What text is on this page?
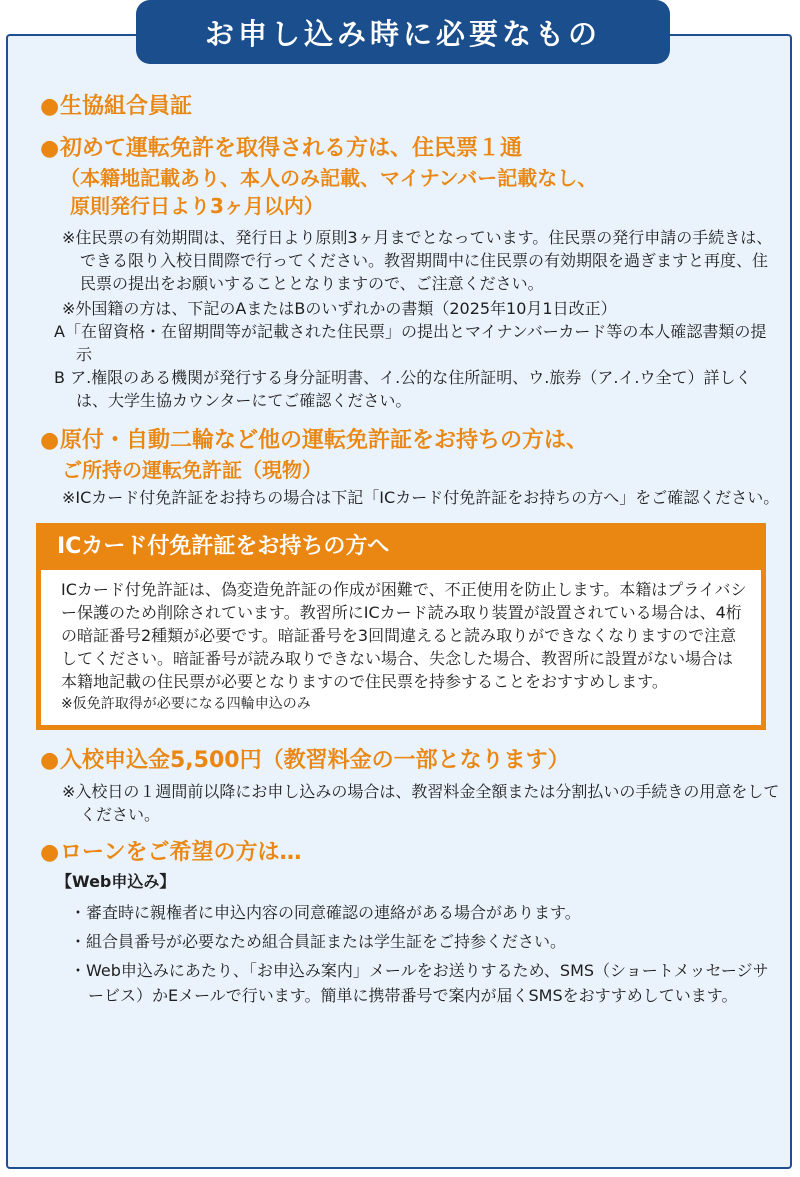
お申し込み時に必要なもの

●生協組合員証

●初めて運転免許を取得される方は、住民票１通

（本籍地記載あり、本人のみ記載、マイナンバー記載なし、

原則発行日より3ヶ月以内）

※住民票の有効期間は、発行日より原則3ヶ月までとなっています。住民票の発行申請の手続きは、できる限り入校日間際で行ってください。教習期間中に住民票の有効期限を過ぎますと再度、住民票の提出をお願いすることとなりますので、ご注意ください。

※外国籍の方は、下記のAまたはBのいずれかの書類（2025年10月1日改正）

A「在留資格・在留期間等が記載された住民票」の提出とマイナンバーカード等の本人確認書類の提示

B ア.権限のある機関が発行する身分証明書、イ.公的な住所証明、ウ.旅券（ア.イ.ウ全て）詳しくは、大学生協カウンターにてご確認ください。

●原付・自動二輪など他の運転免許証をお持ちの方は、

ご所持の運転免許証（現物）

※ICカード付免許証をお持ちの場合は下記「ICカード付免許証をお持ちの方へ」をご確認ください。

ICカード付免許証をお持ちの方へ
ICカード付免許証は、偽変造免許証の作成が困難で、不正使用を防止します。本籍はプライバシー保護のため削除されています。教習所にICカード読み取り装置が設置されている場合は、4桁の暗証番号2種類が必要です。暗証番号を3回間違えると読み取りができなくなりますので注意してください。暗証番号が読み取りできない場合、失念した場合、教習所に設置がない場合は本籍地記載の住民票が必要となりますので住民票を持参することをおすすめします。
※仮免許取得が必要になる四輪申込のみ

●入校申込金5,500円（教習料金の一部となります）

※入校日の１週間前以降にお申し込みの場合は、教習料金全額または分割払いの手続きの用意をしてください。

●ローンをご希望の方は…

【Web申込み】

・審査時に親権者に申込内容の同意確認の連絡がある場合があります。

・組合員番号が必要なため組合員証または学生証をご持参ください。

・Web申込みにあたり、「お申込み案内」メールをお送りするため、SMS（ショートメッセージサービス）かEメールで行います。簡単に携帯番号で案内が届くSMSをおすすめしています。
